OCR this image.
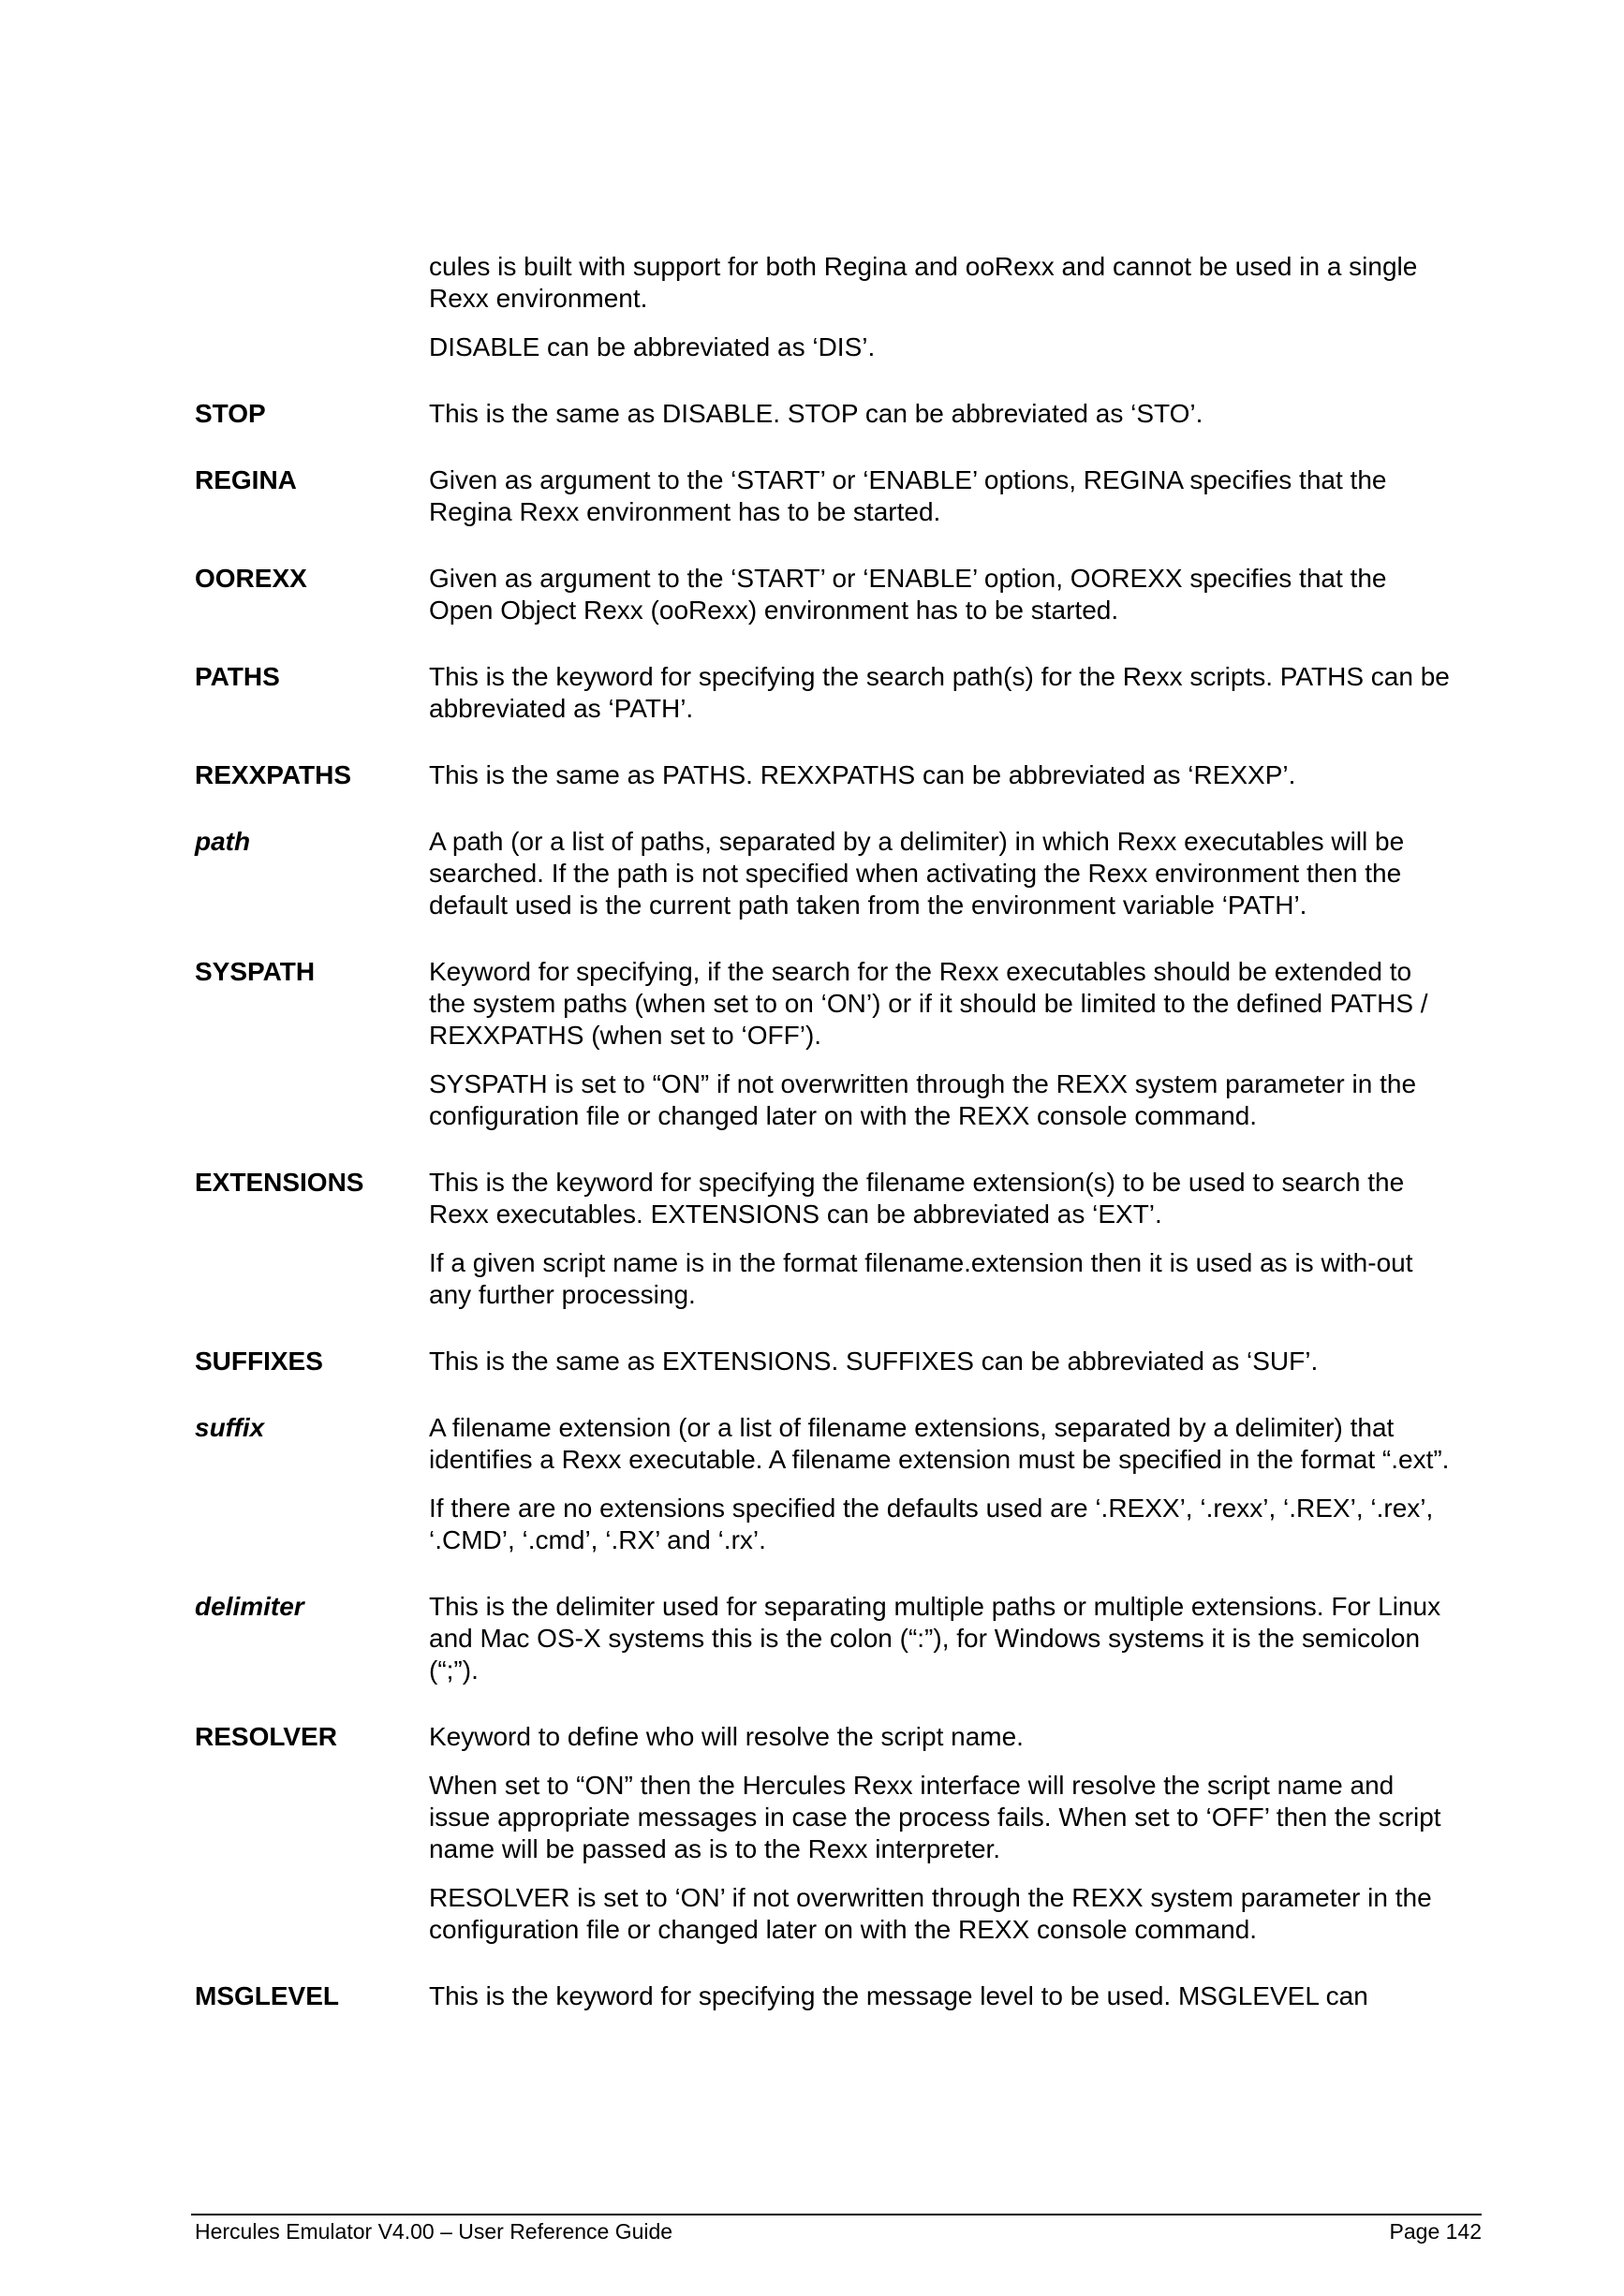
cules is built with support for both Regina and ooRexx and cannot be used in a single Rexx environment.

DISABLE can be abbreviated as ‘DIS’.

STOP	This is the same as DISABLE. STOP can be abbreviated as ‘STO’.

REGINA	Given as argument to the ‘START’ or ‘ENABLE’ options, REGINA specifies that the Regina Rexx environment has to be started.

OOREXX	Given as argument to the ‘START’ or ‘ENABLE’ option, OOREXX specifies that the Open Object Rexx (ooRexx) environment has to be started.

PATHS	This is the keyword for specifying the search path(s) for the Rexx scripts. PATHS can be abbreviated as ‘PATH’.

REXXPATHS	This is the same as PATHS. REXXPATHS can be abbreviated as ‘REXXP’.

path	A path (or a list of paths, separated by a delimiter) in which Rexx executables will be searched. If the path is not specified when activating the Rexx environment then the default used is the current path taken from the environment variable ‘PATH’.

SYSPATH	Keyword for specifying, if the search for the Rexx executables should be extended to the system paths (when set to on ‘ON’) or if it should be limited to the defined PATHS / REXXPATHS (when set to ‘OFF’).

SYSPATH is set to “ON” if not overwritten through the REXX system parameter in the configuration file or changed later on with the REXX console command.

EXTENSIONS	This is the keyword for specifying the filename extension(s) to be used to search the Rexx executables. EXTENSIONS can be abbreviated as ‘EXT’.

If a given script name is in the format filename.extension then it is used as is with-out any further processing.

SUFFIXES	This is the same as EXTENSIONS. SUFFIXES can be abbreviated as ‘SUF’.

suffix	A filename extension (or a list of filename extensions, separated by a delimiter) that identifies a Rexx executable. A filename extension must be specified in the format “.ext”.

If there are no extensions specified the defaults used are ‘.REXX’, ‘.rexx’, ‘.REX’, ‘.rex’, ‘.CMD’, ‘.cmd’, ‘.RX’ and ‘.rx’.

delimiter	This is the delimiter used for separating multiple paths or multiple extensions. For Linux and Mac OS-X systems this is the colon (“:”), for Windows systems it is the semicolon (“;”).

RESOLVER	Keyword to define who will resolve the script name.

When set to “ON” then the Hercules Rexx interface will resolve the script name and issue appropriate messages in case the process fails. When set to ‘OFF’ then the script name will be passed as is to the Rexx interpreter.

RESOLVER is set to ‘ON’ if not overwritten through the REXX system parameter in the configuration file or changed later on with the REXX console command.

MSGLEVEL	This is the keyword for specifying the message level to be used. MSGLEVEL can

Hercules Emulator V4.00 – User Reference Guide	Page 142
